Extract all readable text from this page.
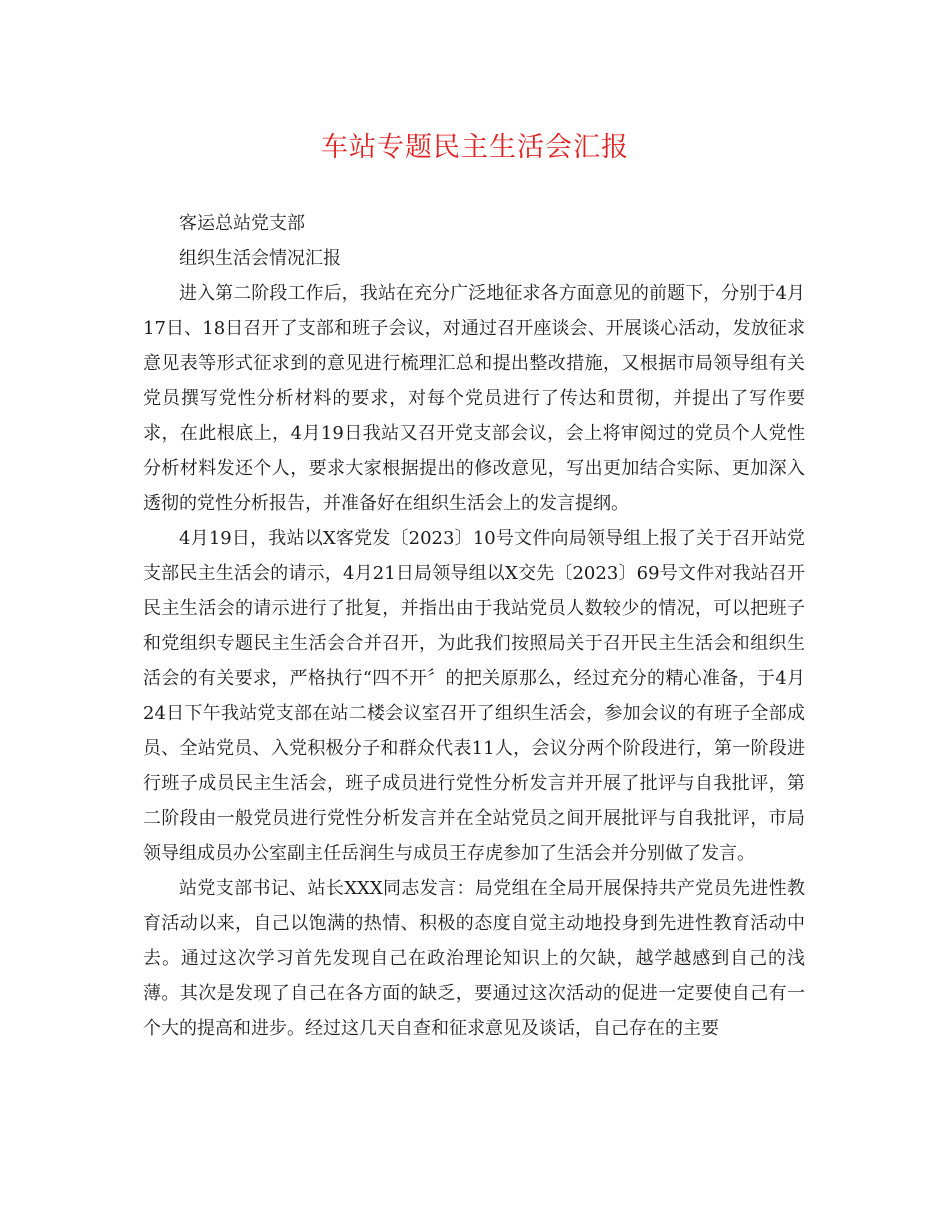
车站专题民主生活会汇报

客运总站党支部

组织生活会情况汇报

进入第二阶段工作后，我站在充分广泛地征求各方面意见的前题下，分别于4月17日、18日召开了支部和班子会议，对通过召开座谈会、开展谈心活动，发放征求意见表等形式征求到的意见进行梳理汇总和提出整改措施，又根据市局领导组有关党员撰写党性分析材料的要求，对每个党员进行了传达和贯彻，并提出了写作要求，在此根底上，4月19日我站又召开党支部会议，会上将审阅过的党员个人党性分析材料发还个人，要求大家根据提出的修改意见，写出更加结合实际、更加深入透彻的党性分析报告，并准备好在组织生活会上的发言提纲。

4月19日，我站以X客党发〔2023〕10号文件向局领导组上报了关于召开站党支部民主生活会的请示，4月21日局领导组以X交先〔2023〕69号文件对我站召开民主生活会的请示进行了批复，并指出由于我站党员人数较少的情况，可以把班子和党组织专题民主生活会合并召开，为此我们按照局关于召开民主生活会和组织生活会的有关要求，严格执行“四不开〞的把关原那么，经过充分的精心准备，于4月24日下午我站党支部在站二楼会议室召开了组织生活会，参加会议的有班子全部成员、全站党员、入党积极分子和群众代表11人，会议分两个阶段进行，第一阶段进行班子成员民主生活会，班子成员进行党性分析发言并开展了批评与自我批评，第二阶段由一般党员进行党性分析发言并在全站党员之间开展批评与自我批评，市局领导组成员办公室副主任岳润生与成员王存虎参加了生活会并分别做了发言。

站党支部书记、站长XXX同志发言：局党组在全局开展保持共产党员先进性教育活动以来，自己以饱满的热情、积极的态度自觉主动地投身到先进性教育活动中去。通过这次学习首先发现自己在政治理论知识上的欠缺，越学越感到自己的浅薄。其次是发现了自己在各方面的缺乏，要通过这次活动的促进一定要使自己有一个大的提高和进步。经过这几天自查和征求意见及谈话，自己存在的主要
